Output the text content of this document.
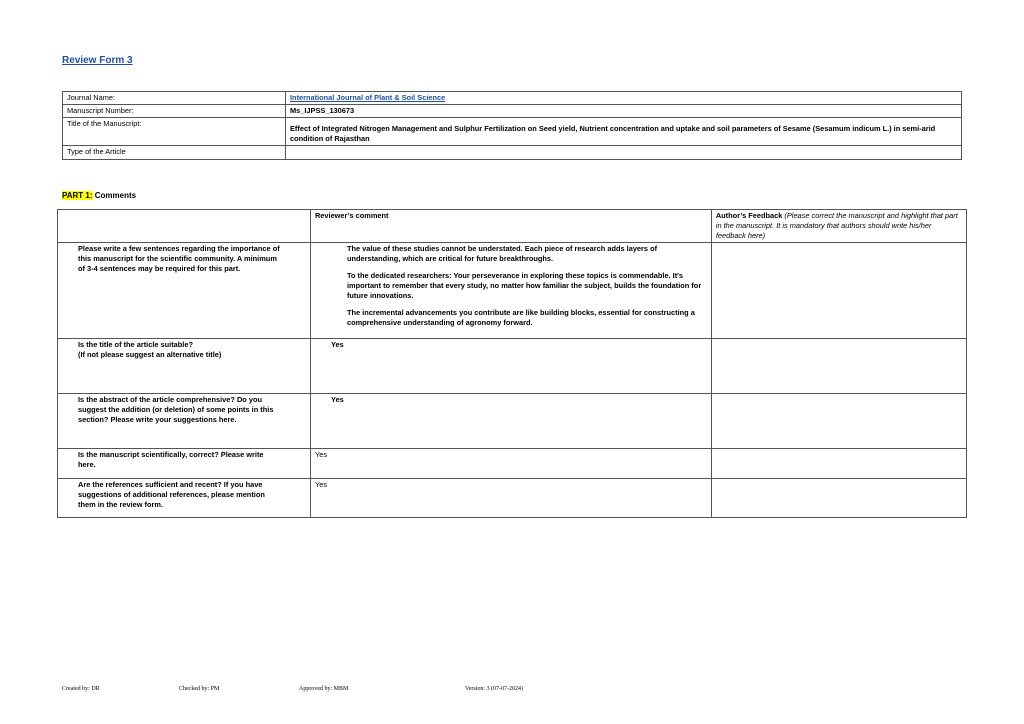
Review Form 3
Journal Name:	International Journal of Plant & Soil Science
Manuscript Number:	Ms_IJPSS_130673
Title of the Manuscript:	Effect of Integrated Nitrogen Management and Sulphur Fertilization on Seed yield, Nutrient concentration and uptake and soil parameters of Sesame (Sesamum indicum L.) in semi-arid condition of Rajasthan
Type of the Article	
PART 1: Comments
	Reviewer’s comment	Author’s Feedback (Please correct the manuscript and highlight that part in the manuscript. It is mandatory that authors should write his/her feedback here)
Please write a few sentences regarding the importance of this manuscript for the scientific community. A minimum of 3-4 sentences may be required for this part.	The value of these studies cannot be understated. Each piece of research adds layers of understanding, which are critical for future breakthroughs.

To the dedicated researchers: Your perseverance in exploring these topics is commendable. It's important to remember that every study, no matter how familiar the subject, builds the foundation for future innovations.

The incremental advancements you contribute are like building blocks, essential for constructing a comprehensive understanding of agronomy forward.	

Is the title of the article suitable?
(If not please suggest an alternative title)	Yes	
Is the abstract of the article comprehensive? Do you suggest the addition (or deletion) of some points in this section? Please write your suggestions here.	Yes	
Is the manuscript scientifically, correct? Please write here.	Yes	
Are the references sufficient and recent? If you have suggestions of additional references, please mention them in the review form.	Yes	
Created by: DR	Checked by: PM	Approved by: MBM	Version: 3 (07-07-2024)
